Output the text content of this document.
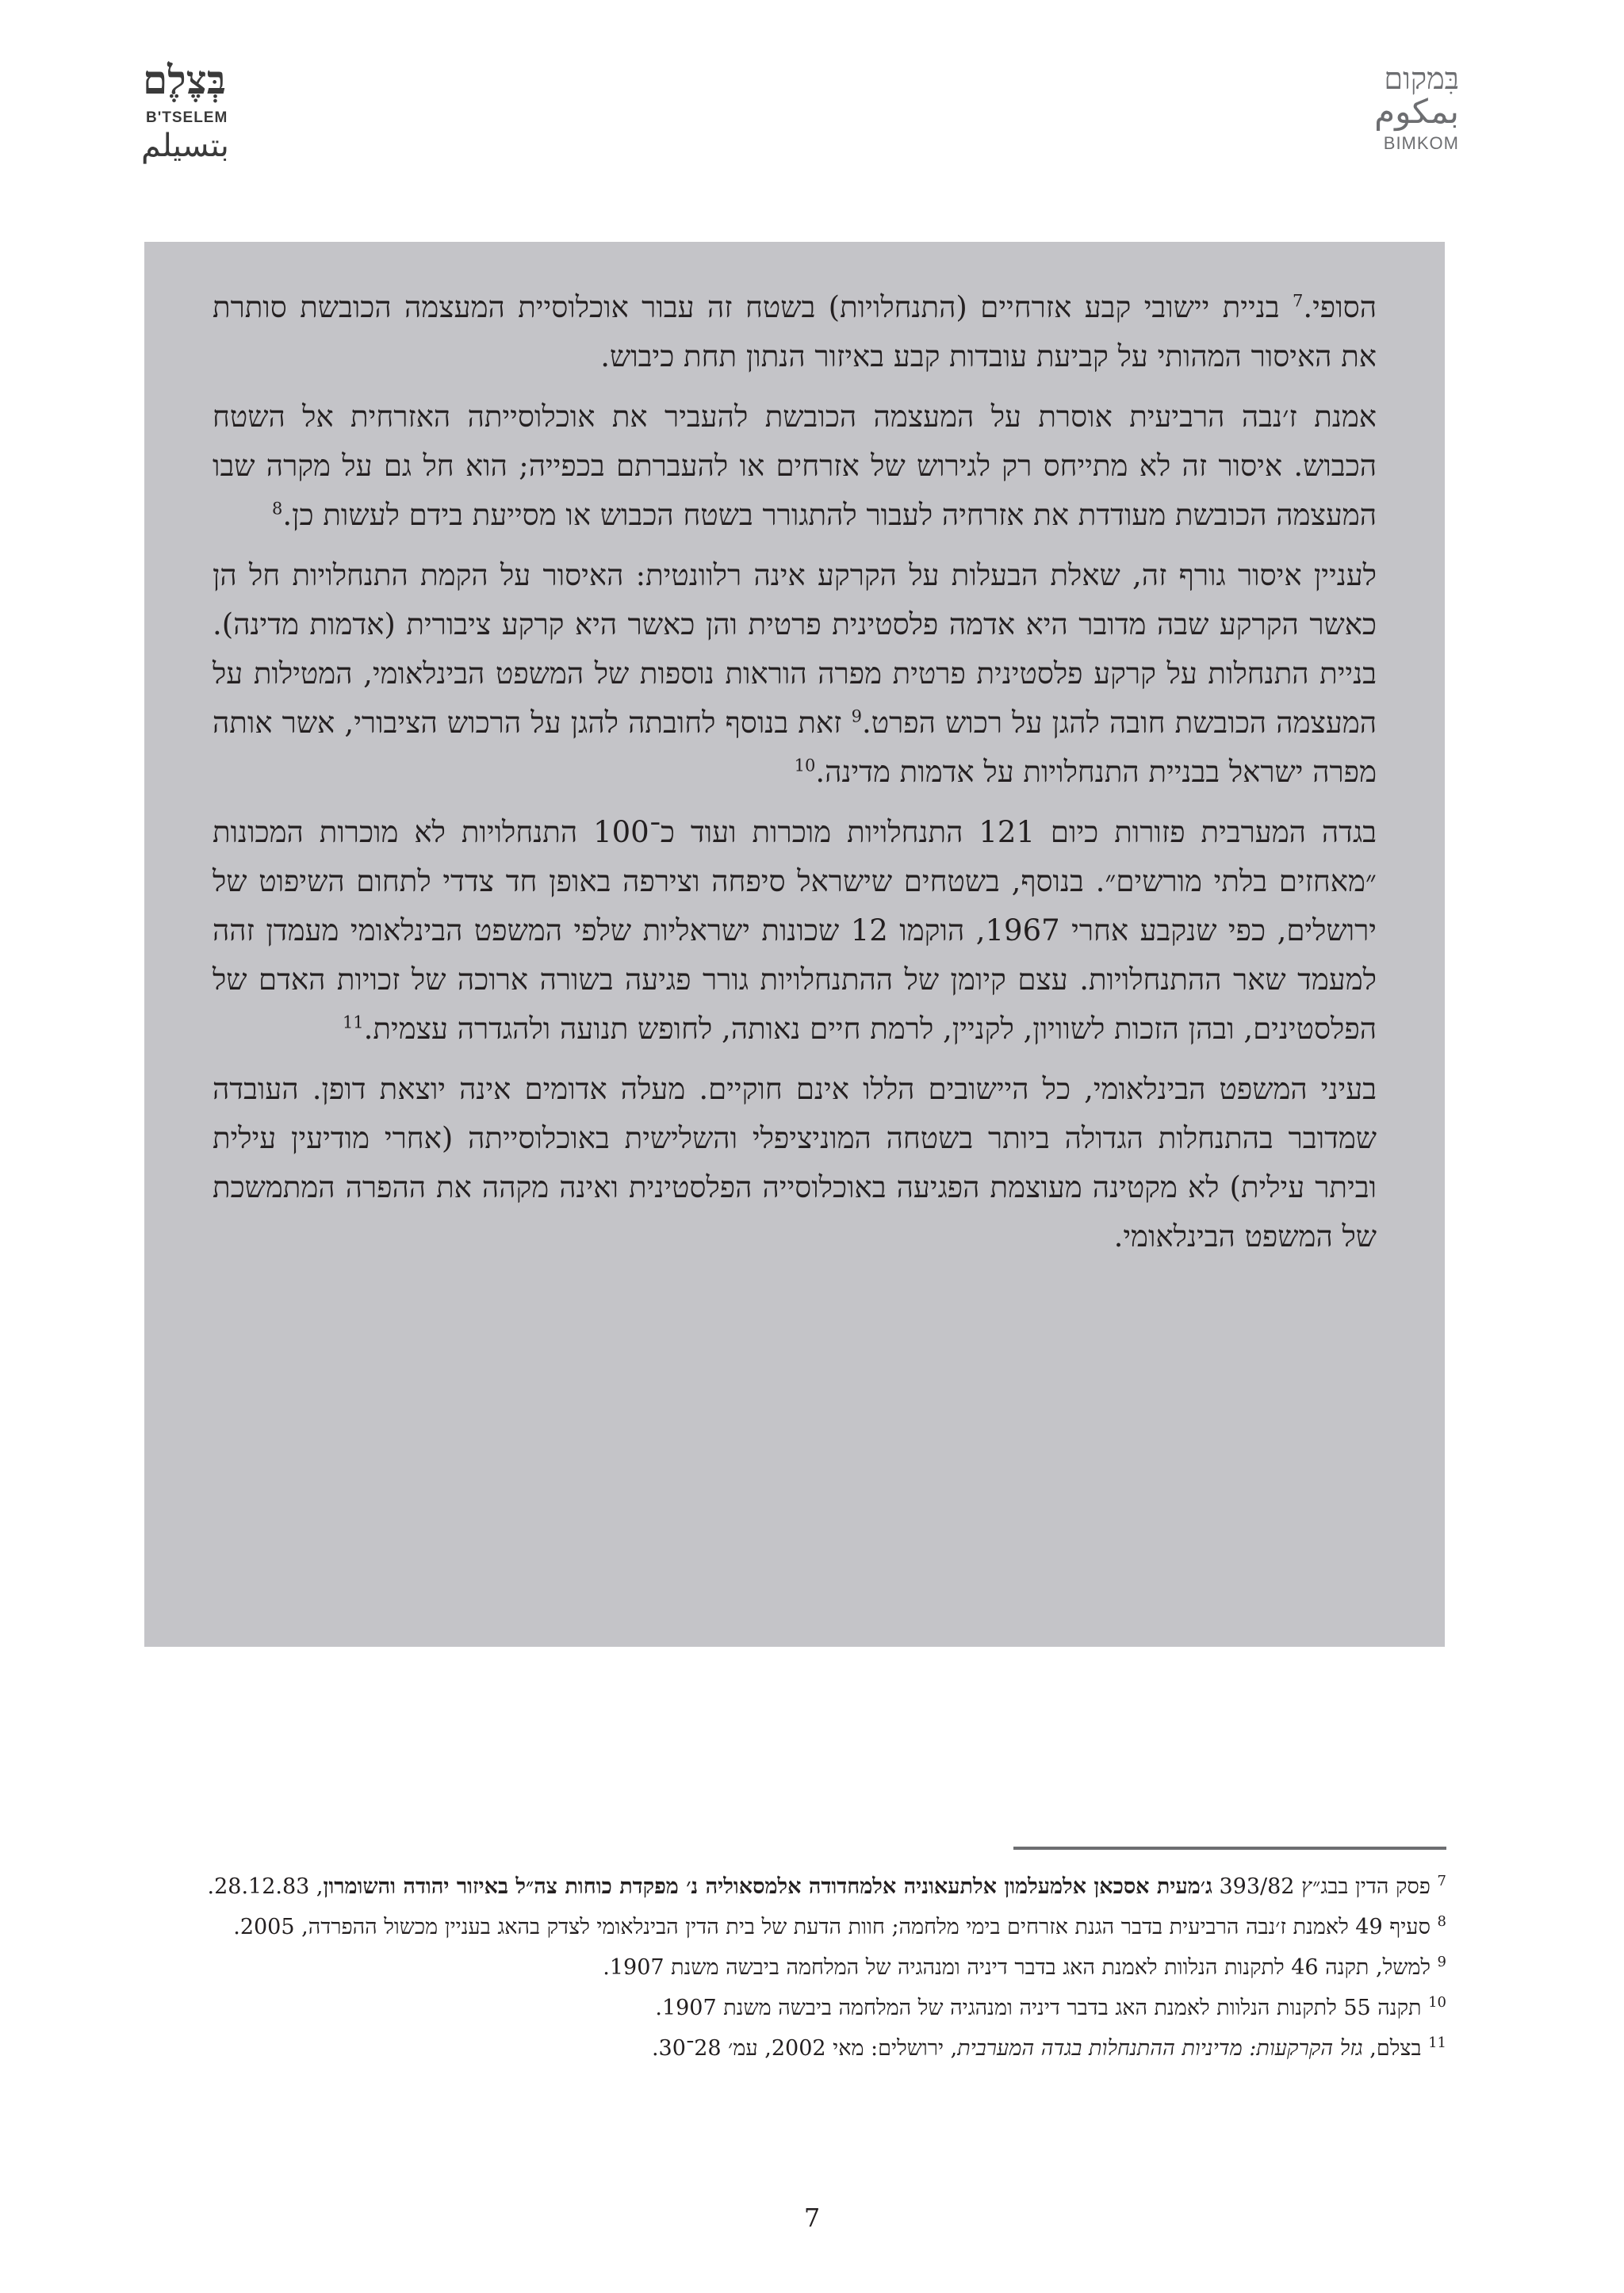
בְּצֶלֶם
B'TSELEM
بتسيلم
בִּמקום
بمكوم
BIMKOM

הסופי.$^7$ בניית יישובי קבע אזרחיים (התנחלויות) בשטח זה עבור אוכלוסיית המעצמה הכובשת סותרת את האיסור המהותי על קביעת עובדות קבע באיזור הנתון תחת כיבוש.

אמנת ז׳נבה הרביעית אוסרת על המעצמה הכובשת להעביר את אוכלוסייתה האזרחית אל השטח הכבוש. איסור זה לא מתייחס רק לגירוש של אזרחים או להעברתם בכפייה; הוא חל גם על מקרה שבו המעצמה הכובשת מעודדת את אזרחיה לעבור להתגורר בשטח הכבוש או מסייעת בידם לעשות כן.$^8$

לעניין איסור גורף זה, שאלת הבעלות על הקרקע אינה רלוונטית: האיסור על הקמת התנחלויות חל הן כאשר הקרקע שבה מדובר היא אדמה פלסטינית פרטית והן כאשר היא קרקע ציבורית (אדמות מדינה). בניית התנחלות על קרקע פלסטינית פרטית מפרה הוראות נוספות של המשפט הבינלאומי, המטילות על המעצמה הכובשת חובה להגן על רכוש הפרט.$^9$ זאת בנוסף לחובתה להגן על הרכוש הציבורי, אשר אותה מפרה ישראל בבניית התנחלויות על אדמות מדינה.$^{10}$

בגדה המערבית פזורות כיום 121 התנחלויות מוכרות ועוד כ־100 התנחלויות לא מוכרות המכונות ״מאחזים בלתי מורשים״. בנוסף, בשטחים שישראל סיפחה וצירפה באופן חד צדדי לתחום השיפוט של ירושלים, כפי שנקבע אחרי 1967, הוקמו 12 שכונות ישראליות שלפי המשפט הבינלאומי מעמדן זהה למעמד שאר ההתנחלויות. עצם קיומן של ההתנחלויות גורר פגיעה בשורה ארוכה של זכויות האדם של הפלסטינים, ובהן הזכות לשוויון, לקניין, לרמת חיים נאותה, לחופש תנועה ולהגדרה עצמית.$^{11}$

בעיני המשפט הבינלאומי, כל היישובים הללו אינם חוקיים. מעלה אדומים אינה יוצאת דופן. העובדה שמדובר בהתנחלות הגדולה ביותר בשטחה המוניציפלי והשלישית באוכלוסייתה (אחרי מודיעין עילית וביתר עילית) לא מקטינה מעוצמת הפגיעה באוכלוסייה הפלסטינית ואינה מקהה את ההפרה המתמשכת של המשפט הבינלאומי.

$^7$ פסק הדין בבג״ץ 393/82 ג׳מעית אסכאן אלמעלמון אלתעאוניה אלמחדודה אלמסאוליה נ׳ מפקדת כוחות צה״ל באיזור יהודה והשומרון, 28.12.83.
$^8$ סעיף 49 לאמנת ז׳נבה הרביעית בדבר הגנת אזרחים בימי מלחמה; חוות הדעת של בית הדין הבינלאומי לצדק בהאג בעניין מכשול ההפרדה, 2005.
$^9$ למשל, תקנה 46 לתקנות הנלוות לאמנת האג בדבר דיניה ומנהגיה של המלחמה ביבשה משנת 1907.
$^{10}$ תקנה 55 לתקנות הנלוות לאמנת האג בדבר דיניה ומנהגיה של המלחמה ביבשה משנת 1907.
$^{11}$ בצלם, גזל הקרקעות: מדיניות ההתנחלות בגדה המערבית, ירושלים: מאי 2002, עמ׳ 28־30.
7
